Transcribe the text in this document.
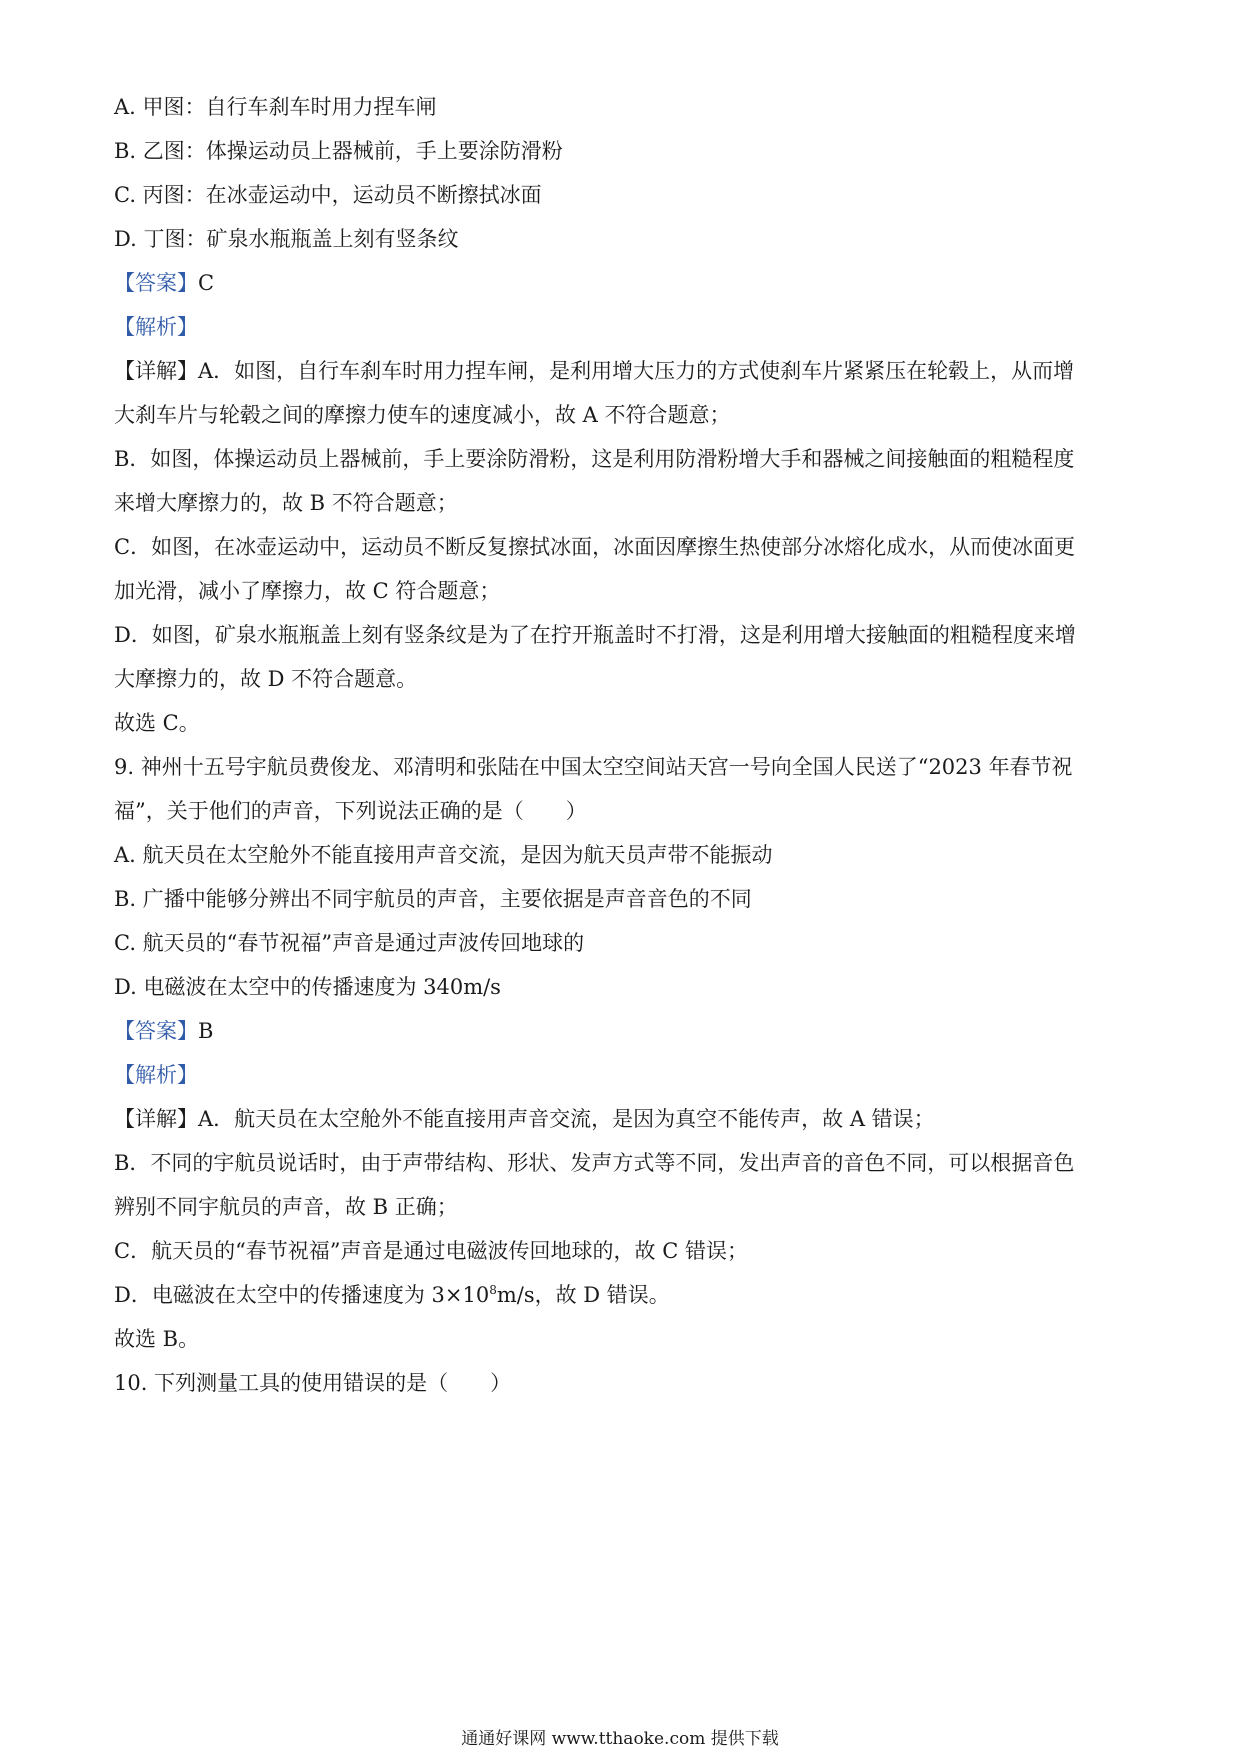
A. 甲图：自行车刹车时用力捏车闸
B. 乙图：体操运动员上器械前，手上要涂防滑粉
C. 丙图：在冰壶运动中，运动员不断擦拭冰面
D. 丁图：矿泉水瓶瓶盖上刻有竖条纹
【答案】C
【解析】
【详解】A．如图，自行车刹车时用力捏车闸，是利用增大压力的方式使刹车片紧紧压在轮毂上，从而增
大刹车片与轮毂之间的摩擦力使车的速度减小，故 A 不符合题意；
B．如图，体操运动员上器械前，手上要涂防滑粉，这是利用防滑粉增大手和器械之间接触面的粗糙程度
来增大摩擦力的，故 B 不符合题意；
C．如图，在冰壶运动中，运动员不断反复擦拭冰面，冰面因摩擦生热使部分冰熔化成水，从而使冰面更
加光滑，减小了摩擦力，故 C 符合题意；
D．如图，矿泉水瓶瓶盖上刻有竖条纹是为了在拧开瓶盖时不打滑，这是利用增大接触面的粗糙程度来增
大摩擦力的，故 D 不符合题意。
故选 C。
9. 神州十五号宇航员费俊龙、邓清明和张陆在中国太空空间站天宫一号向全国人民送了“2023 年春节祝
福”，关于他们的声音，下列说法正确的是（　　）
A. 航天员在太空舱外不能直接用声音交流，是因为航天员声带不能振动
B. 广播中能够分辨出不同宇航员的声音，主要依据是声音音色的不同
C. 航天员的“春节祝福”声音是通过声波传回地球的
D. 电磁波在太空中的传播速度为 340m/s
【答案】B
【解析】
【详解】A．航天员在太空舱外不能直接用声音交流，是因为真空不能传声，故 A 错误；
B．不同的宇航员说话时，由于声带结构、形状、发声方式等不同，发出声音的音色不同，可以根据音色
辨别不同宇航员的声音，故 B 正确；
C．航天员的“春节祝福”声音是通过电磁波传回地球的，故 C 错误；
D．电磁波在太空中的传播速度为 $3\times 10^8m/s$，故 D 错误。
故选 B。
10. 下列测量工具的使用错误的是（　　）
通通好课网 www.tthaoke.com 提供下载
